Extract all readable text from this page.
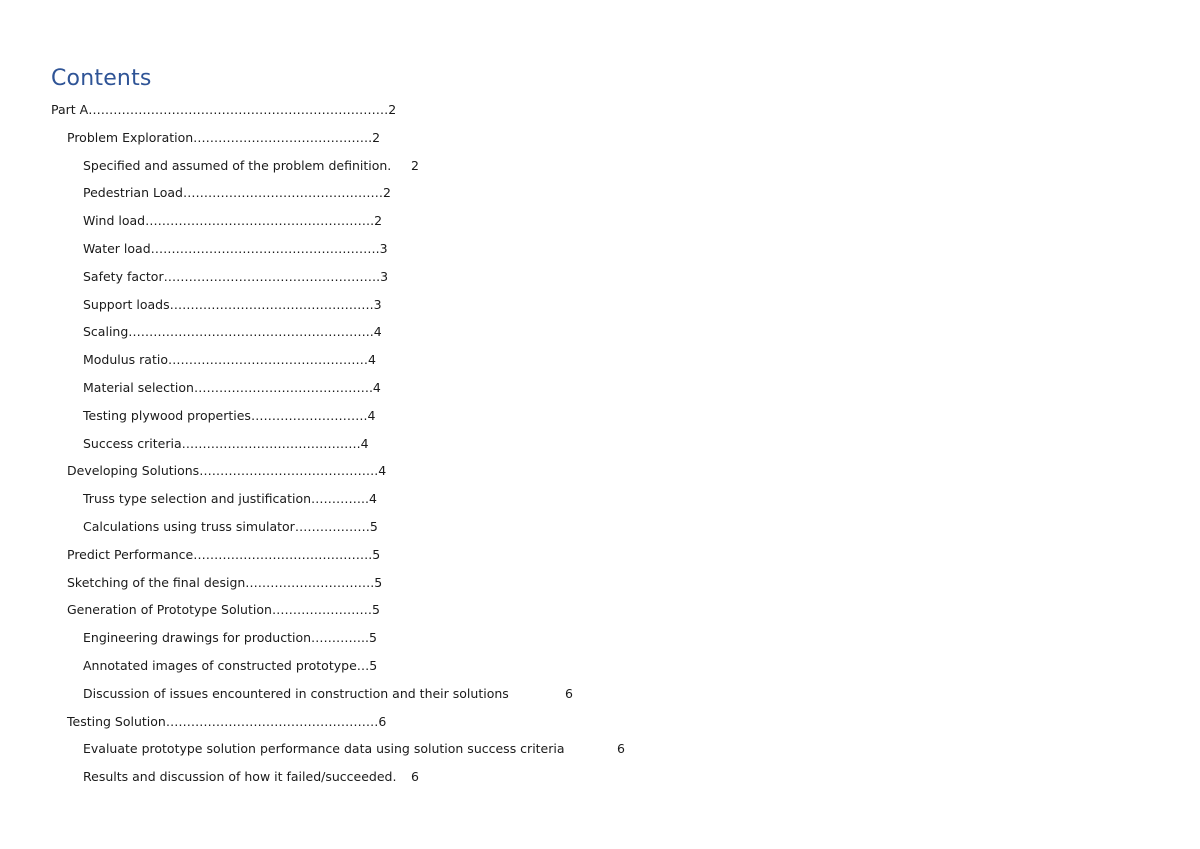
Contents
Part A………………………………………………………………2
Problem Exploration…………………………………….2
Specified and assumed of the problem definition. 2
Pedestrian Load…………………………………………2
Wind load……………………………………………….2
Water load……………………………………………….3
Safety factor…………………………………………….3
Support loads………………………………………….3
Scaling…………………………………………………..4
Modulus ratio…………………………………………4
Material selection…………………………………….4
Testing plywood properties……………………….4
Success criteria…………………………………….4
Developing Solutions…………………………………….4
Truss type selection and justification…………..4
Calculations using truss simulator………………5
Predict Performance…………………………………….5
Sketching of the final design………………………….5
Generation of Prototype Solution……………………5
Engineering drawings for production…………..5
Annotated images of constructed prototype…5
Discussion of issues encountered in construction and their solutions	6
Testing Solution……………………………………………6
Evaluate prototype solution performance data using solution success criteria	6
Results and discussion of how it failed/succeeded. 6
